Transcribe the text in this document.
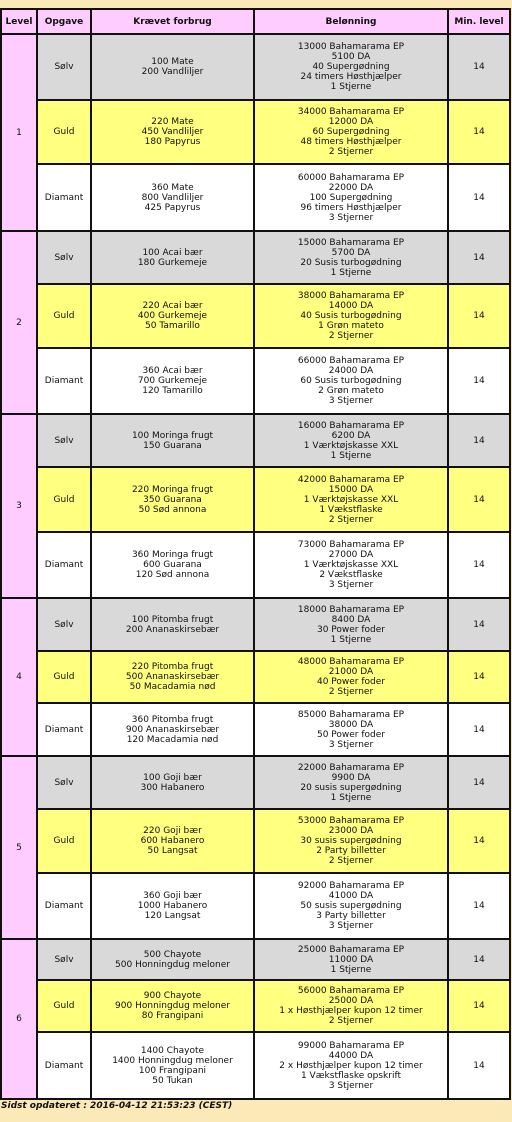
Level	Opgave	Krævet forbrug	Belønning	Min. level
1	Sølv	100 Mate
200 Vandliljer	13000 Bahamarama EP
5100 DA
40 Supergødning
24 timers Høsthjælper
1 Stjerne	14
	Guld	220 Mate
450 Vandliljer
180 Papyrus	34000 Bahamarama EP
12000 DA
60 Supergødning
48 timers Høsthjælper
2 Stjerner	14
	Diamant	360 Mate
800 Vandliljer
425 Papyrus	60000 Bahamarama EP
22000 DA
100 Supergødning
96 timers Høsthjælper
3 Stjerner	14
2	Sølv	100 Acai bær
180 Gurkemeje	15000 Bahamarama EP
5700 DA
20 Susis turbogødning
1 Stjerne	14
	Guld	220 Acai bær
400 Gurkemeje
50 Tamarillo	38000 Bahamarama EP
14000 DA
40 Susis turbogødning
1 Grøn mateto
2 Stjerner	14
	Diamant	360 Acai bær
700 Gurkemeje
120 Tamarillo	66000 Bahamarama EP
24000 DA
60 Susis turbogødning
2 Grøn mateto
3 Stjerner	14
3	Sølv	100 Moringa frugt
150 Guarana	16000 Bahamarama EP
6200 DA
1 Værktøjskasse XXL
1 Stjerne	14
	Guld	220 Moringa frugt
350 Guarana
50 Sød annona	42000 Bahamarama EP
15000 DA
1 Værktøjskasse XXL
1 Vækstflaske
2 Stjerner	14
	Diamant	360 Moringa frugt
600 Guarana
120 Sød annona	73000 Bahamarama EP
27000 DA
1 Værktøjskasse XXL
2 Vækstflaske
3 Stjerner	14
4	Sølv	100 Pitomba frugt
200 Ananaskirsebær	18000 Bahamarama EP
8400 DA
30 Power foder
1 Stjerne	14
	Guld	220 Pitomba frugt
500 Ananaskirsebær
50 Macadamia nød	48000 Bahamarama EP
21000 DA
40 Power foder
2 Stjerner	14
	Diamant	360 Pitomba frugt
900 Ananaskirsebær
120 Macadamia nød	85000 Bahamarama EP
38000 DA
50 Power foder
3 Stjerner	14
5	Sølv	100 Goji bær
300 Habanero	22000 Bahamarama EP
9900 DA
20 susis supergødning
1 Stjerne	14
	Guld	220 Goji bær
600 Habanero
50 Langsat	53000 Bahamarama EP
23000 DA
30 susis supergødning
2 Party billetter
2 Stjerner	14
	Diamant	360 Goji bær
1000 Habanero
120 Langsat	92000 Bahamarama EP
41000 DA
50 susis supergødning
3 Party billetter
3 Stjerner	14
6	Sølv	500 Chayote
500 Honningdug meloner	25000 Bahamarama EP
11000 DA
1 Stjerne	14
	Guld	900 Chayote
900 Honningdug meloner
80 Frangipani	56000 Bahamarama EP
25000 DA
1 x Høsthjælper kupon 12 timer
2 Stjerner	14
	Diamant	1400 Chayote
1400 Honningdug meloner
100 Frangipani
50 Tukan	99000 Bahamarama EP
44000 DA
2 x Høsthjælper kupon 12 timer
1 Vækstflaske opskrift
3 Stjerner	14
Sidst opdateret : 2016-04-12 21:53:23 (CEST)
